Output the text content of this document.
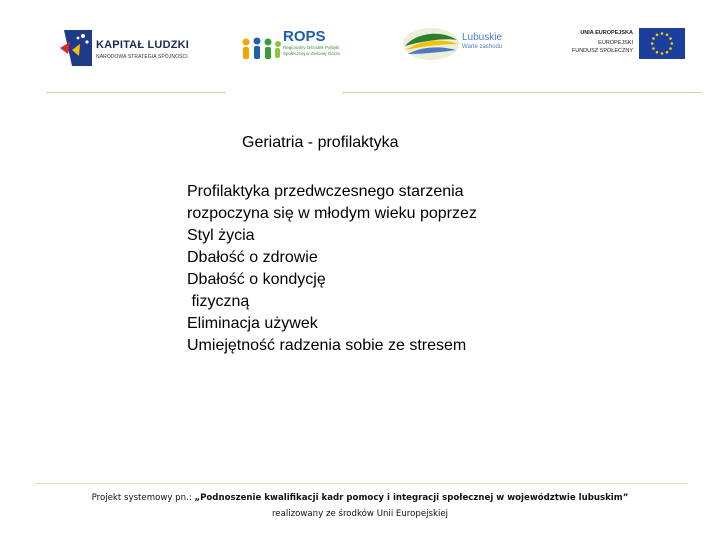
KAPITAŁ LUDZKI
NARODOWA STRATEGIA SPÓJNOŚCI
ROPS
Regionalny Ośrodek Polityki Społecznej w Zielonej Górze
Lubuskie
Warte zachodu
UNIA EUROPEJSKA
EUROPEJSKI
FUNDUSZ SPOŁECZNY
Geriatria - profilaktyka
Profilaktyka przedwczesnego starzenia
rozpoczyna się w młodym wieku poprzez
Styl życia
Dbałość o zdrowie
Dbałość o kondycję
fizyczną
Eliminacja używek
Umiejętność radzenia sobie ze stresem
Projekt systemowy pn.: „Podnoszenie kwalifikacji kadr pomocy i integracji społecznej w województwie lubuskim”
realizowany ze środków Unii Europejskiej
